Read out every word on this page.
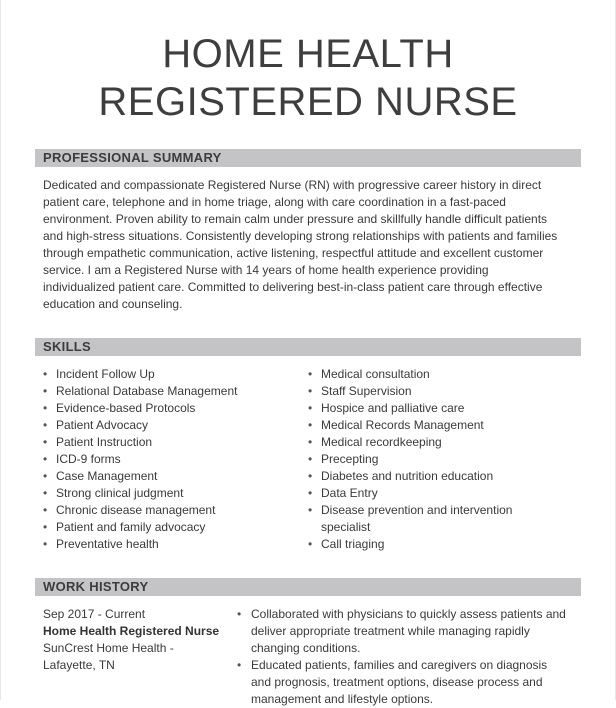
HOME HEALTH
REGISTERED NURSE
PROFESSIONAL SUMMARY
Dedicated and compassionate Registered Nurse (RN) with progressive career history in direct patient care, telephone and in home triage, along with care coordination in a fast-paced environment. Proven ability to remain calm under pressure and skillfully handle difficult patients and high-stress situations. Consistently developing strong relationships with patients and families through empathetic communication, active listening, respectful attitude and excellent customer service. I am a Registered Nurse with 14 years of home health experience providing individualized patient care. Committed to delivering best-in-class patient care through effective education and counseling.
SKILLS
• Incident Follow Up
• Relational Database Management
• Evidence-based Protocols
• Patient Advocacy
• Patient Instruction
• ICD-9 forms
• Case Management
• Strong clinical judgment
• Chronic disease management
• Patient and family advocacy
• Preventative health
• Medical consultation
• Staff Supervision
• Hospice and palliative care
• Medical Records Management
• Medical recordkeeping
• Precepting
• Diabetes and nutrition education
• Data Entry
• Disease prevention and intervention specialist
• Call triaging
WORK HISTORY
Sep 2017 - Current
Home Health Registered Nurse
SunCrest Home Health -
Lafayette, TN
• Collaborated with physicians to quickly assess patients and deliver appropriate treatment while managing rapidly changing conditions.
• Educated patients, families and caregivers on diagnosis and prognosis, treatment options, disease process and management and lifestyle options.
